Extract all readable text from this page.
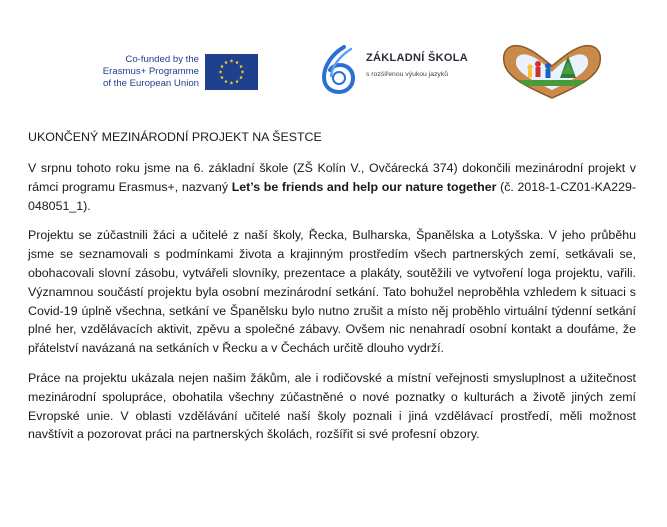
Co-funded by the
Erasmus+ Programme
of the European Union
ZÁKLADNÍ ŠKOLA
s rozšířenou výukou jazyků
UKONČENÝ MEZINÁRODNÍ PROJEKT NA ŠESTCE

V srpnu tohoto roku jsme na 6. základní škole (ZŠ Kolín V., Ovčárecká 374) dokončili mezinárodní projekt v rámci programu Erasmus+, nazvaný Let’s be friends and help our nature together (č. 2018-1-CZ01-KA229-048051_1).

Projektu se zúčastnili žáci a učitelé z naší školy, Řecka, Bulharska, Španělska a Lotyšska. V jeho průběhu jsme se seznamovali s podmínkami života a krajinným prostředím všech partnerských zemí, setkávali se, obohacovali slovní zásobu, vytvářeli slovníky, prezentace a plakáty, soutěžili ve vytvoření loga projektu, vařili. Významnou součástí projektu byla osobní mezinárodní setkání. Tato bohužel neproběhla vzhledem k situaci s Covid-19 úplně všechna, setkání ve Španělsku bylo nutno zrušit a místo něj proběhlo virtuální týdenní setkání plné her, vzdělávacích aktivit, zpěvu a společné zábavy. Ovšem nic nenahradí osobní kontakt a doufáme, že přátelství navázaná na setkáních v Řecku a v Čechách určitě dlouho vydrží.

Práce na projektu ukázala nejen našim žákům, ale i rodičovské a místní veřejnosti smysluplnost a užitečnost mezinárodní spolupráce, obohatila všechny zúčastněné o nové poznatky o kulturách a životě jiných zemí Evropské unie. V oblasti vzdělávání učitelé naší školy poznali i jiná vzdělávací prostředí, měli možnost navštívit a pozorovat práci na partnerských školách, rozšířit si své profesní obzory.
